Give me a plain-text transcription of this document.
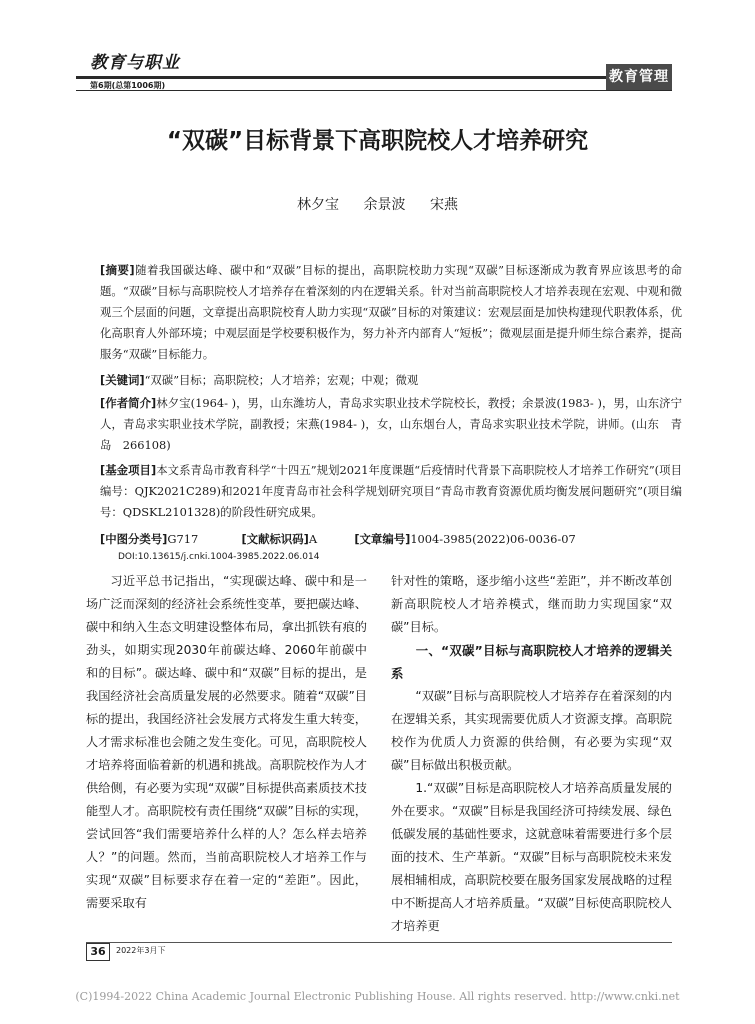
教育与职业
第6期(总第1006期)
教育管理
“双碳”目标背景下高职院校人才培养研究
林夕宝 余景波 宋燕
[摘要]随着我国碳达峰、碳中和“双碳”目标的提出，高职院校助力实现“双碳”目标逐渐成为教育界应该思考的命题。“双碳”目标与高职院校人才培养存在着深刻的内在逻辑关系。针对当前高职院校人才培养表现在宏观、中观和微观三个层面的问题，文章提出高职院校育人助力实现“双碳”目标的对策建议：宏观层面是加快构建现代职教体系，优化高职育人外部环境；中观层面是学校要积极作为，努力补齐内部育人“短板”；微观层面是提升师生综合素养，提高服务“双碳”目标能力。
[关键词]“双碳”目标；高职院校；人才培养；宏观；中观；微观
[作者简介]林夕宝(1964- )，男，山东潍坊人，青岛求实职业技术学院校长，教授；余景波(1983- )，男，山东济宁人，青岛求实职业技术学院，副教授；宋燕(1984- )，女，山东烟台人，青岛求实职业技术学院，讲师。(山东　青岛　266108)
[基金项目]本文系青岛市教育科学“十四五”规划2021年度课题“后疫情时代背景下高职院校人才培养工作研究”(项目编号：QJK2021C289)和2021年度青岛市社会科学规划研究项目“青岛市教育资源优质均衡发展问题研究”(项目编号：QDSKL2101328)的阶段性研究成果。
[中图分类号]G717	[文献标识码]A	[文章编号]1004-3985(2022)06-0036-07
DOI:10.13615/j.cnki.1004-3985.2022.06.014

习近平总书记指出，“实现碳达峰、碳中和是一场广泛而深刻的经济社会系统性变革，要把碳达峰、碳中和纳入生态文明建设整体布局，拿出抓铁有痕的劲头，如期实现2030年前碳达峰、2060年前碳中和的目标”。碳达峰、碳中和“双碳”目标的提出，是我国经济社会高质量发展的必然要求。随着“双碳”目标的提出，我国经济社会发展方式将发生重大转变，人才需求标准也会随之发生变化。可见，高职院校人才培养将面临着新的机遇和挑战。高职院校作为人才供给侧，有必要为实现“双碳”目标提供高素质技术技能型人才。高职院校有责任围绕“双碳”目标的实现，尝试回答“我们需要培养什么样的人？怎么样去培养人？”的问题。然而，当前高职院校人才培养工作与实现“双碳”目标要求存在着一定的“差距”。因此，需要采取有

针对性的策略，逐步缩小这些“差距”，并不断改革创新高职院校人才培养模式，继而助力实现国家“双碳”目标。

一、“双碳”目标与高职院校人才培养的逻辑关系

“双碳”目标与高职院校人才培养存在着深刻的内在逻辑关系，其实现需要优质人才资源支撑。高职院校作为优质人力资源的供给侧，有必要为实现“双碳”目标做出积极贡献。

1.“双碳”目标是高职院校人才培养高质量发展的外在要求。“双碳”目标是我国经济可持续发展、绿色低碳发展的基础性要求，这就意味着需要进行多个层面的技术、生产革新。“双碳”目标与高职院校未来发展相辅相成，高职院校要在服务国家发展战略的过程中不断提高人才培养质量。“双碳”目标使高职院校人才培养更

36	2022年3月下
(C)1994-2022 China Academic Journal Electronic Publishing House. All rights reserved. http://www.cnki.net
